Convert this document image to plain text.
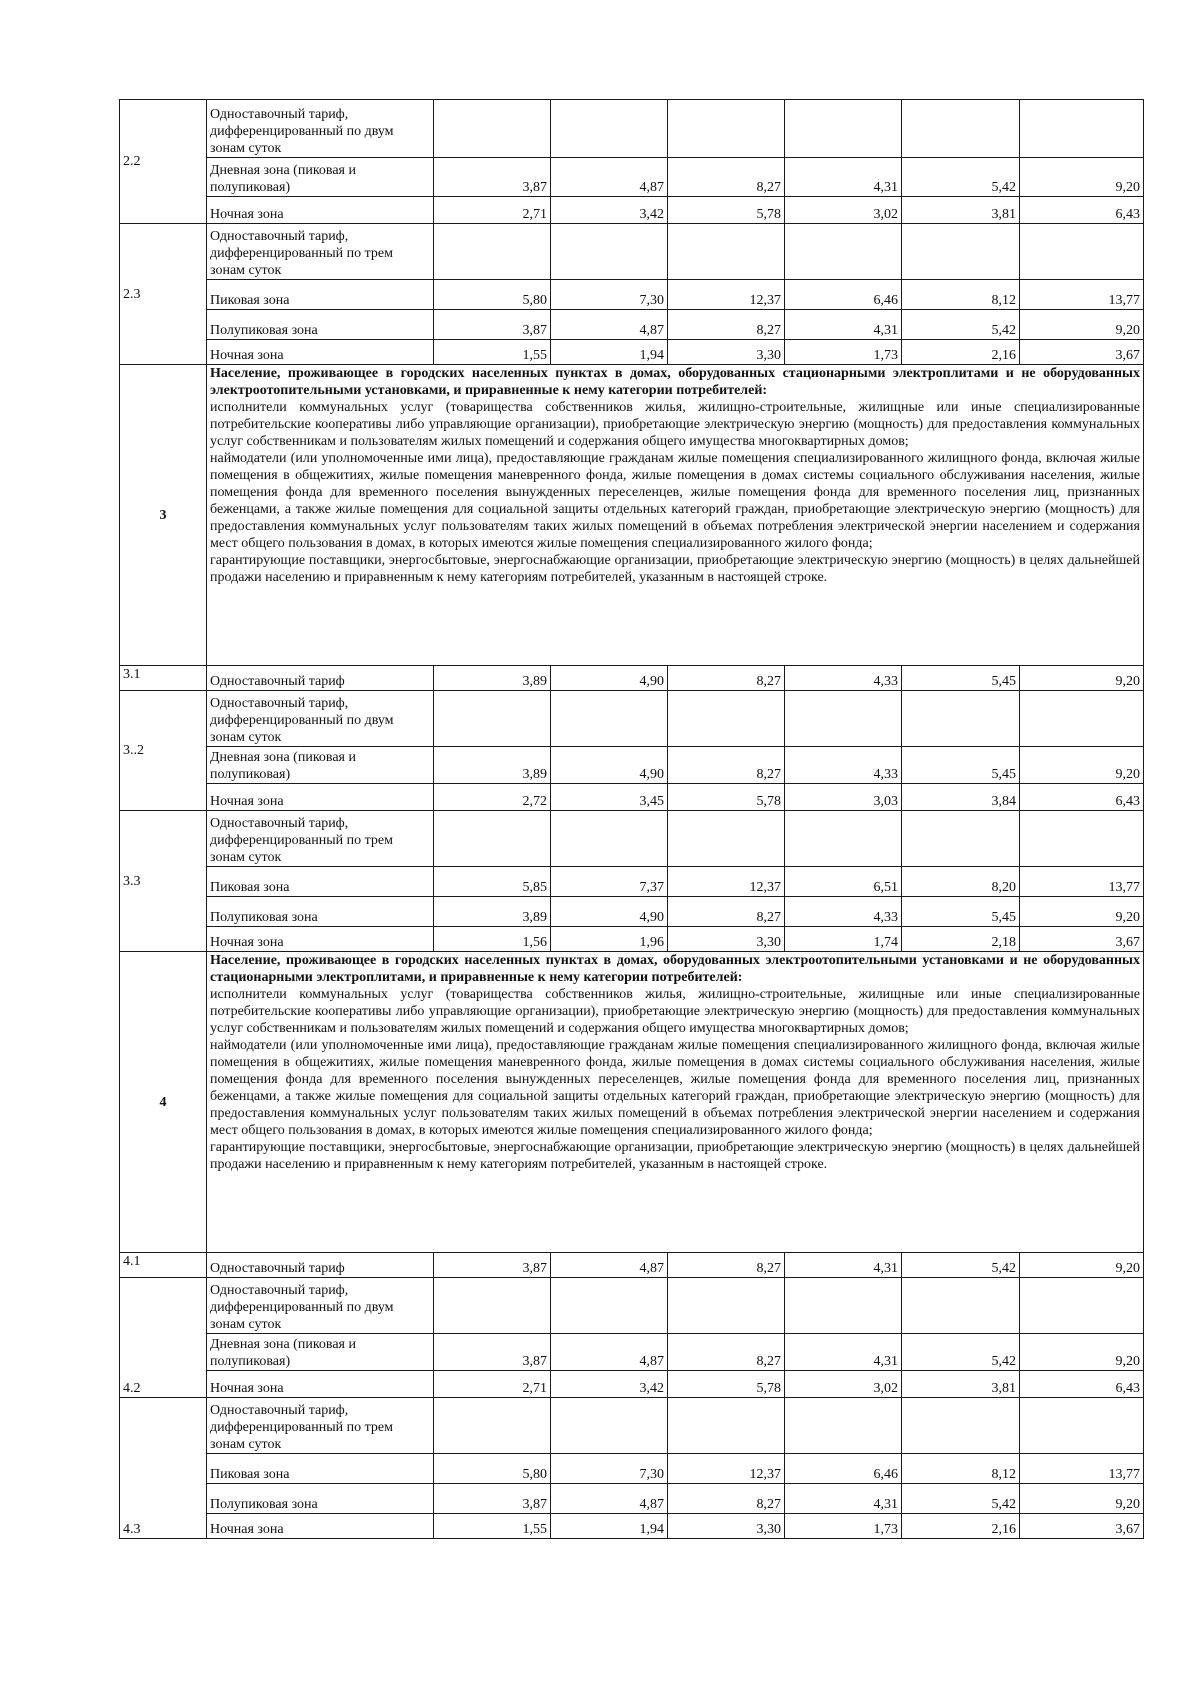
2.2	Одноставочный тариф, дифференцированный по двум зонам суток						
	Дневная зона (пиковая и полупиковая)	3,87	4,87	8,27	4,31	5,42	9,20
	Ночная зона	2,71	3,42	5,78	3,02	3,81	6,43
2.3	Одноставочный тариф, дифференцированный по трем зонам суток						
	Пиковая зона	5,80	7,30	12,37	6,46	8,12	13,77
	Полупиковая зона	3,87	4,87	8,27	4,31	5,42	9,20
	Ночная зона	1,55	1,94	3,30	1,73	2,16	3,67
3	Население, проживающее в городских населенных пунктах в домах, оборудованных стационарными электроплитами и не оборудованных электроотопительными установками, и приравненные к нему категории потребителей:
исполнители коммунальных услуг (товарищества собственников жилья, жилищно-строительные, жилищные или иные специализированные потребительские кооперативы либо управляющие организации), приобретающие электрическую энергию (мощность) для предоставления коммунальных услуг собственникам и пользователям жилых помещений и содержания общего имущества многоквартирных домов;
наймодатели (или уполномоченные ими лица), предоставляющие гражданам жилые помещения специализированного жилищного фонда, включая жилые помещения в общежитиях, жилые помещения маневренного фонда, жилые помещения в домах системы социального обслуживания населения, жилые помещения фонда для временного поселения вынужденных переселенцев, жилые помещения фонда для временного поселения лиц, признанных беженцами, а также жилые помещения для социальной защиты отдельных категорий граждан, приобретающие электрическую энергию (мощность) для предоставления коммунальных услуг пользователям таких жилых помещений в объемах потребления электрической энергии населением и содержания мест общего пользования в домах, в которых имеются жилые помещения специализированного жилого фонда;
гарантирующие поставщики, энергосбытовые, энергоснабжающие организации, приобретающие электрическую энергию (мощность) в целях дальнейшей продажи населению и приравненным к нему категориям потребителей, указанным в настоящей строке.						

3.1	Одноставочный тариф	3,89	4,90	8,27	4,33	5,45	9,20
3..2	Одноставочный тариф, дифференцированный по двум зонам суток						
	Дневная зона (пиковая и полупиковая)	3,89	4,90	8,27	4,33	5,45	9,20
	Ночная зона	2,72	3,45	5,78	3,03	3,84	6,43
3.3	Одноставочный тариф, дифференцированный по трем зонам суток						
	Пиковая зона	5,85	7,37	12,37	6,51	8,20	13,77
	Полупиковая зона	3,89	4,90	8,27	4,33	5,45	9,20
	Ночная зона	1,56	1,96	3,30	1,74	2,18	3,67
4	Население, проживающее в городских населенных пунктах в домах, оборудованных электроотопительными установками и не оборудованных стационарными электроплитами, и приравненные к нему категории потребителей:
исполнители коммунальных услуг (товарищества собственников жилья, жилищно-строительные, жилищные или иные специализированные потребительские кооперативы либо управляющие организации), приобретающие электрическую энергию (мощность) для предоставления коммунальных услуг собственникам и пользователям жилых помещений и содержания общего имущества многоквартирных домов;
наймодатели (или уполномоченные ими лица), предоставляющие гражданам жилые помещения специализированного жилищного фонда, включая жилые помещения в общежитиях, жилые помещения маневренного фонда, жилые помещения в домах системы социального обслуживания населения, жилые помещения фонда для временного поселения вынужденных переселенцев, жилые помещения фонда для временного поселения лиц, признанных беженцами, а также жилые помещения для социальной защиты отдельных категорий граждан, приобретающие электрическую энергию (мощность) для предоставления коммунальных услуг пользователям таких жилых помещений в объемах потребления электрической энергии населением и содержания мест общего пользования в домах, в которых имеются жилые помещения специализированного жилого фонда;
гарантирующие поставщики, энергосбытовые, энергоснабжающие организации, приобретающие электрическую энергию (мощность) в целях дальнейшей продажи населению и приравненным к нему категориям потребителей, указанным в настоящей строке.						

4.1	Одноставочный тариф	3,87	4,87	8,27	4,31	5,42	9,20
4.2	Одноставочный тариф, дифференцированный по двум зонам суток						
	Дневная зона (пиковая и полупиковая)	3,87	4,87	8,27	4,31	5,42	9,20
	Ночная зона	2,71	3,42	5,78	3,02	3,81	6,43
4.3	Одноставочный тариф, дифференцированный по трем зонам суток						
	Пиковая зона	5,80	7,30	12,37	6,46	8,12	13,77
	Полупиковая зона	3,87	4,87	8,27	4,31	5,42	9,20
	Ночная зона	1,55	1,94	3,30	1,73	2,16	3,67
